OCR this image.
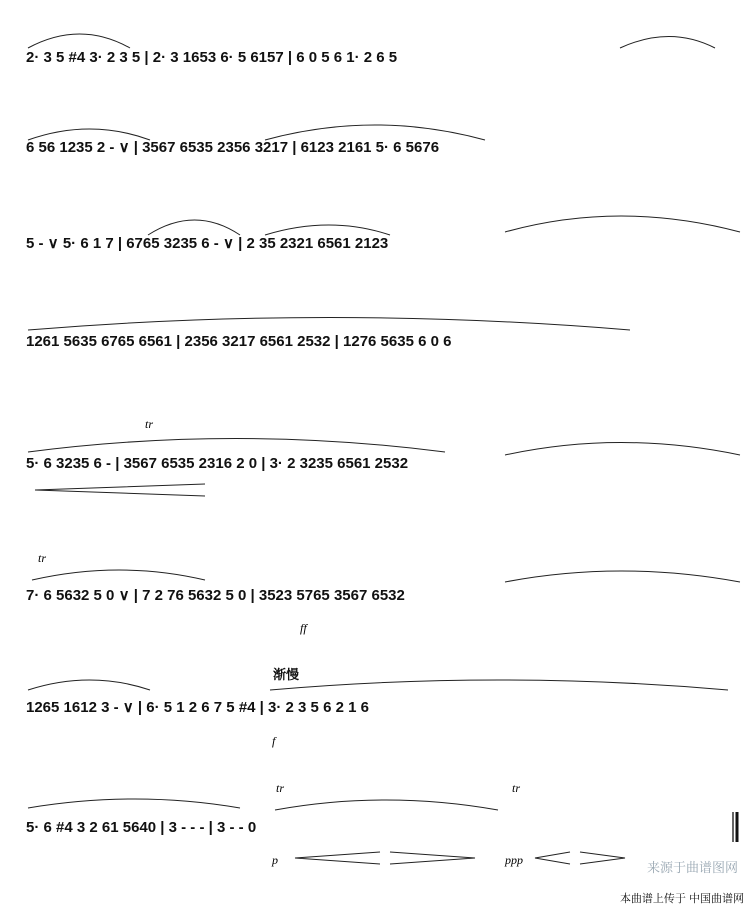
2· 3 5 #4 3· 2 3 5 | 2· 3 1653 6· 5 6157 | 6 0 5 6 1· 2 6 5
6 56 1235 2 - ∨ | 3567 6535 2356 3217 | 6123 2161 5· 6 5676
5 - ∨ 5· 6 1 7 | 6765 3235 6 - ∨ | 2 35 2321 6561 2123
1261 5635 6765 6561 | 2356 3217 6561 2532 | 1276 5635 6 0 6
5· 6 3235 6 - | 3567 6535 2316 2 0 | 3· 2 3235 6561 2532
tr
7· 6 5632 5 0 ∨ | 7 2 76 5632 5 0 | 3523 5765 3567 6532
tr
ff
1265 1612 3 - ∨ | 6· 5 1 2 6 7 5 #4 | 3· 2 3 5 6 2 1 6
f
5· 6 #4 3 2 61 5640 | 3 - - - | 3 - - 0
tr	tr
p	ppp
渐慢
来源于曲谱图网
本曲谱上传于 中国曲谱网
